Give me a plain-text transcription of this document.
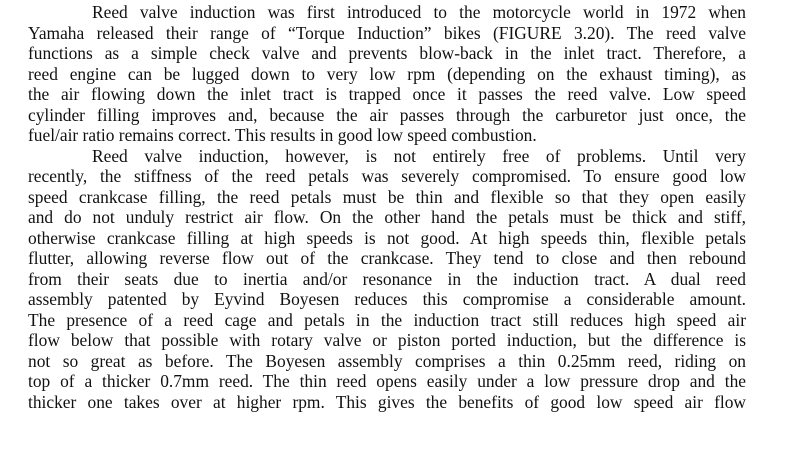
Reed valve induction was first introduced to the motorcycle world in 1972 when
Yamaha released their range of “Torque Induction” bikes (FIGURE 3.20). The reed valve
functions as a simple check valve and prevents blow-back in the inlet tract. Therefore, a
reed engine can be lugged down to very low rpm (depending on the exhaust timing), as
the air flowing down the inlet tract is trapped once it passes the reed valve. Low speed
cylinder filling improves and, because the air passes through the carburetor just once, the
fuel/air ratio remains correct. This results in good low speed combustion.
Reed valve induction, however, is not entirely free of problems. Until very
recently, the stiffness of the reed petals was severely compromised. To ensure good low
speed crankcase filling, the reed petals must be thin and flexible so that they open easily
and do not unduly restrict air flow. On the other hand the petals must be thick and stiff,
otherwise crankcase filling at high speeds is not good. At high speeds thin, flexible petals
flutter, allowing reverse flow out of the crankcase. They tend to close and then rebound
from their seats due to inertia and/or resonance in the induction tract. A dual reed
assembly patented by Eyvind Boyesen reduces this compromise a considerable amount.
The presence of a reed cage and petals in the induction tract still reduces high speed air
flow below that possible with rotary valve or piston ported induction, but the difference is
not so great as before. The Boyesen assembly comprises a thin 0.25mm reed, riding on
top of a thicker 0.7mm reed. The thin reed opens easily under a low pressure drop and the
thicker one takes over at higher rpm. This gives the benefits of good low speed air flow
